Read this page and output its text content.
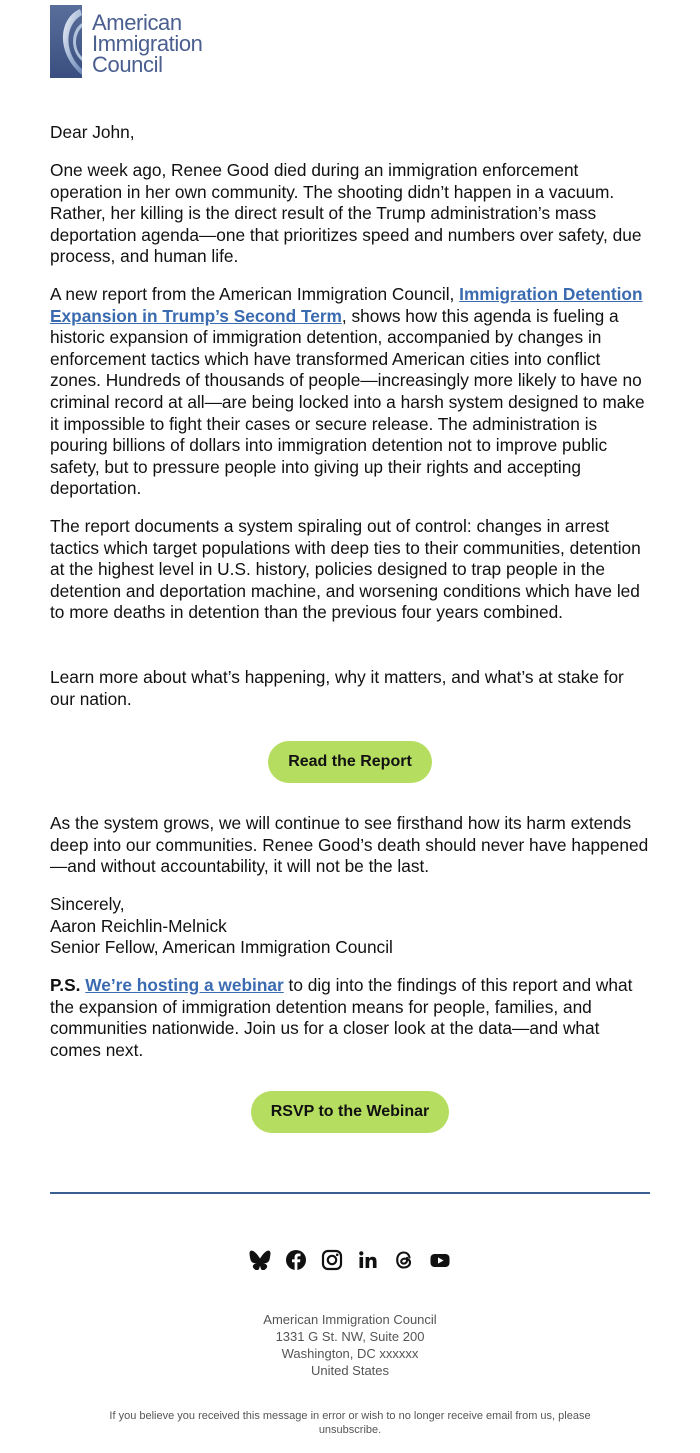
American
Immigration
Council

Dear John,

One week ago, Renee Good died during an immigration enforcement operation in her own community. The shooting didn’t happen in a vacuum. Rather, her killing is the direct result of the Trump administration’s mass deportation agenda—one that prioritizes speed and numbers over safety, due process, and human life.

A new report from the American Immigration Council, Immigration Detention Expansion in Trump’s Second Term, shows how this agenda is fueling a historic expansion of immigration detention, accompanied by changes in enforcement tactics which have transformed American cities into conflict zones. Hundreds of thousands of people—increasingly more likely to have no criminal record at all—are being locked into a harsh system designed to make it impossible to fight their cases or secure release. The administration is pouring billions of dollars into immigration detention not to improve public safety, but to pressure people into giving up their rights and accepting deportation.

The report documents a system spiraling out of control: changes in arrest tactics which target populations with deep ties to their communities, detention at the highest level in U.S. history, policies designed to trap people in the detention and deportation machine, and worsening conditions which have led to more deaths in detention than the previous four years combined.

Learn more about what’s happening, why it matters, and what’s at stake for our nation.

Read the Report

As the system grows, we will continue to see firsthand how its harm extends deep into our communities. Renee Good’s death should never have happened—and without accountability, it will not be the last.

Sincerely,

Aaron Reichlin-Melnick

Senior Fellow, American Immigration Council

P.S. We’re hosting a webinar to dig into the findings of this report and what the expansion of immigration detention means for people, families, and communities nationwide. Join us for a closer look at the data—and what comes next.

RSVP to the Webinar
American Immigration Council
1331 G St. NW, Suite 200
Washington, DC xxxxxx
United States
If you believe you received this message in error or wish to no longer receive email from us, please unsubscribe.
